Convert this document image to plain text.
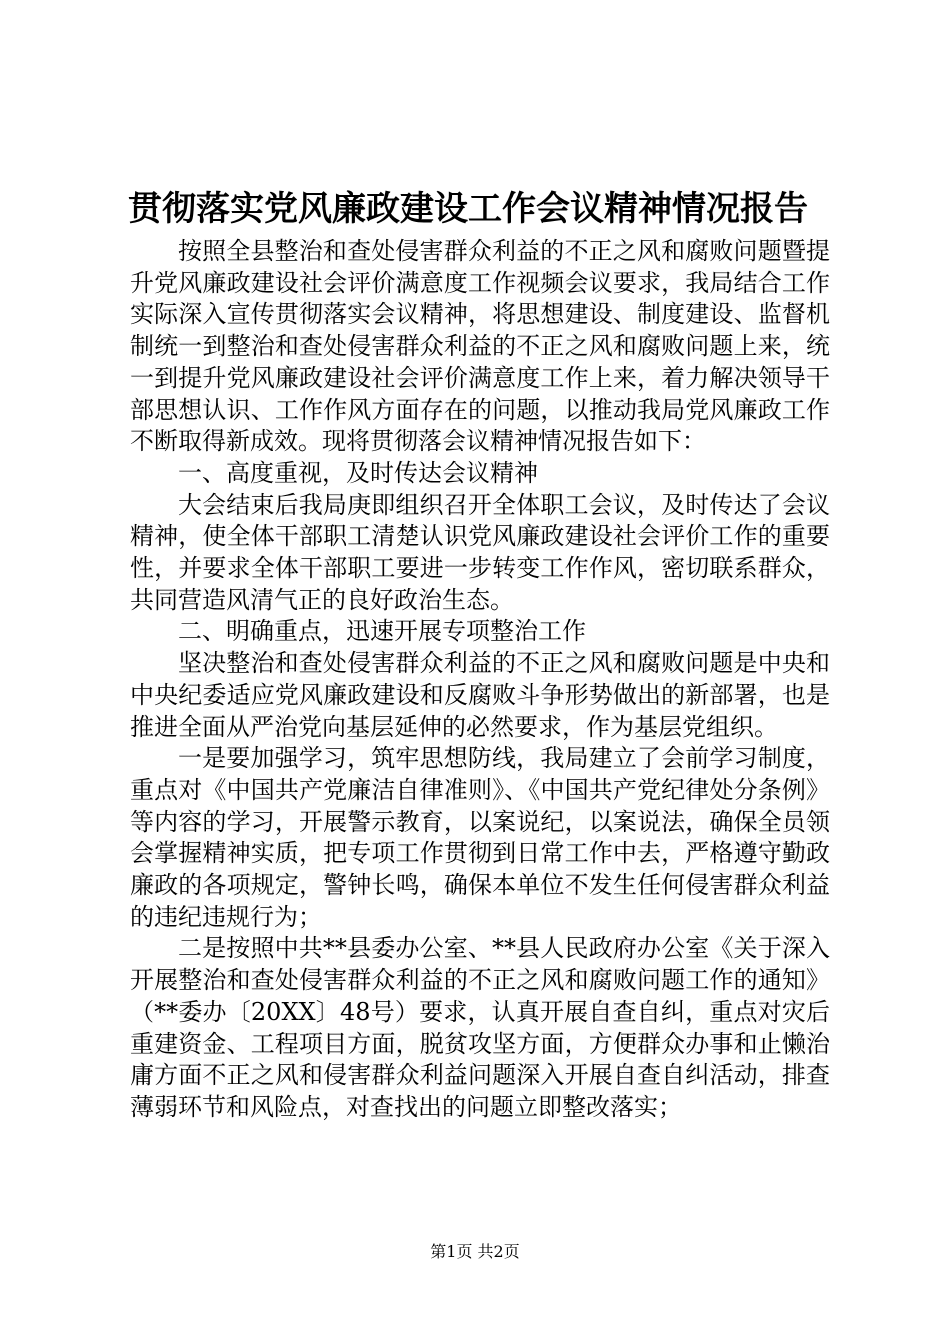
贯彻落实党风廉政建设工作会议精神情况报告

按照全县整治和查处侵害群众利益的不正之风和腐败问题暨提升党风廉政建设社会评价满意度工作视频会议要求，我局结合工作实际深入宣传贯彻落实会议精神，将思想建设、制度建设、监督机制统一到整治和查处侵害群众利益的不正之风和腐败问题上来，统一到提升党风廉政建设社会评价满意度工作上来，着力解决领导干部思想认识、工作作风方面存在的问题，以推动我局党风廉政工作不断取得新成效。现将贯彻落会议精神情况报告如下：

一、高度重视，及时传达会议精神

大会结束后我局庚即组织召开全体职工会议，及时传达了会议精神，使全体干部职工清楚认识党风廉政建设社会评价工作的重要性，并要求全体干部职工要进一步转变工作作风，密切联系群众，共同营造风清气正的良好政治生态。

二、明确重点，迅速开展专项整治工作

坚决整治和查处侵害群众利益的不正之风和腐败问题是中央和中央纪委适应党风廉政建设和反腐败斗争形势做出的新部署，也是推进全面从严治党向基层延伸的必然要求，作为基层党组织。

一是要加强学习，筑牢思想防线，我局建立了会前学习制度，重点对《中国共产党廉洁自律准则》、《中国共产党纪律处分条例》等内容的学习，开展警示教育，以案说纪，以案说法，确保全员领会掌握精神实质，把专项工作贯彻到日常工作中去，严格遵守勤政廉政的各项规定，警钟长鸣，确保本单位不发生任何侵害群众利益的违纪违规行为；

二是按照中共**县委办公室、**县人民政府办公室《关于深入开展整治和查处侵害群众利益的不正之风和腐败问题工作的通知》（**委办〔20XX〕48号）要求，认真开展自查自纠，重点对灾后重建资金、工程项目方面，脱贫攻坚方面，方便群众办事和止懒治庸方面不正之风和侵害群众利益问题深入开展自查自纠活动，排查薄弱环节和风险点，对查找出的问题立即整改落实；

第1页 共2页
